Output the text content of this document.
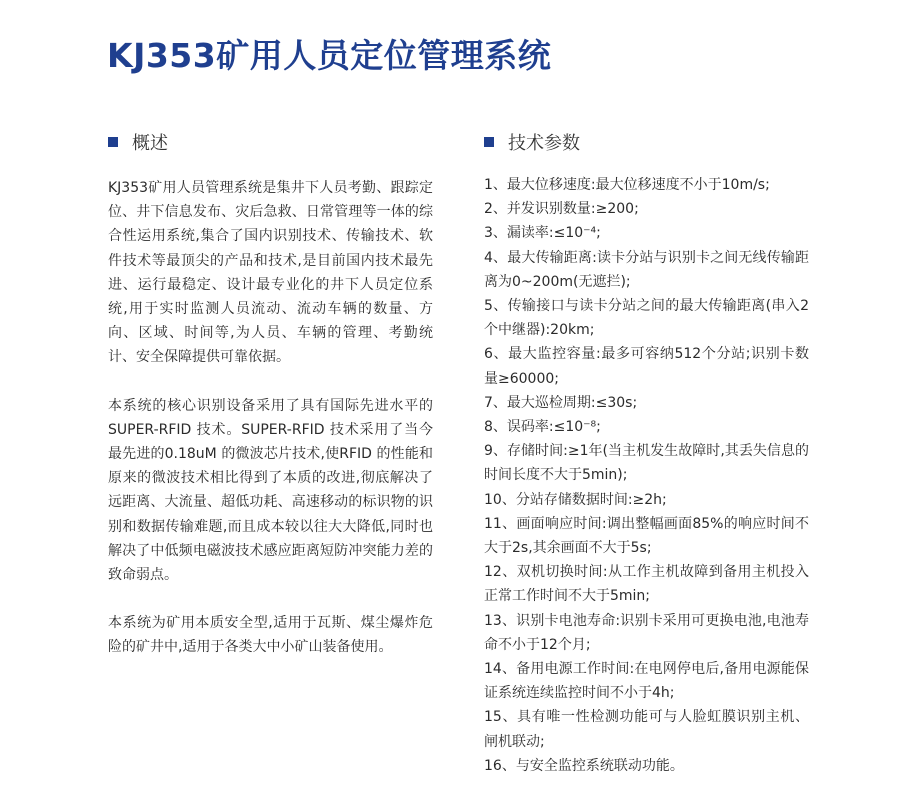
KJ353矿用人员定位管理系统
概述	技术参数

KJ353矿用人员管理系统是集井下人员考勤、跟踪定位、井下信息发布、灾后急救、日常管理等一体的综合性运用系统,集合了国内识别技术、传输技术、软件技术等最顶尖的产品和技术,是目前国内技术最先进、运行最稳定、设计最专业化的井下人员定位系统,用于实时监测人员流动、流动车辆的数量、方向、区域、时间等,为人员、车辆的管理、考勤统计、安全保障提供可靠依据。

本系统的核心识别设备采用了具有国际先进水平的SUPER-RFID 技术。SUPER-RFID 技术采用了当今最先进的0.18uM 的微波芯片技术,使RFID 的性能和原来的微波技术相比得到了本质的改进,彻底解决了远距离、大流量、超低功耗、高速移动的标识物的识别和数据传输难题,而且成本较以往大大降低,同时也解决了中低频电磁波技术感应距离短防冲突能力差的致命弱点。

本系统为矿用本质安全型,适用于瓦斯、煤尘爆炸危险的矿井中,适用于各类大中小矿山装备使用。

1、最大位移速度:最大位移速度不小于10m/s;
2、并发识别数量:≥200;
3、漏读率:≤10⁻⁴;
4、最大传输距离:读卡分站与识别卡之间无线传输距离为0~200m(无遮拦);
5、传输接口与读卡分站之间的最大传输距离(串入2个中继器):20km;
6、最大监控容量:最多可容纳512个分站;识别卡数量≥60000;
7、最大巡检周期:≤30s;
8、误码率:≤10⁻⁸;
9、存储时间:≥1年(当主机发生故障时,其丢失信息的时间长度不大于5min);
10、分站存储数据时间:≥2h;
11、画面响应时间:调出整幅画面85%的响应时间不大于2s,其余画面不大于5s;
12、双机切换时间:从工作主机故障到备用主机投入正常工作时间不大于5min;
13、识别卡电池寿命:识别卡采用可更换电池,电池寿命不小于12个月;
14、备用电源工作时间:在电网停电后,备用电源能保证系统连续监控时间不小于4h;
15、具有唯一性检测功能可与人脸虹膜识别主机、闸机联动;
16、与安全监控系统联动功能。
